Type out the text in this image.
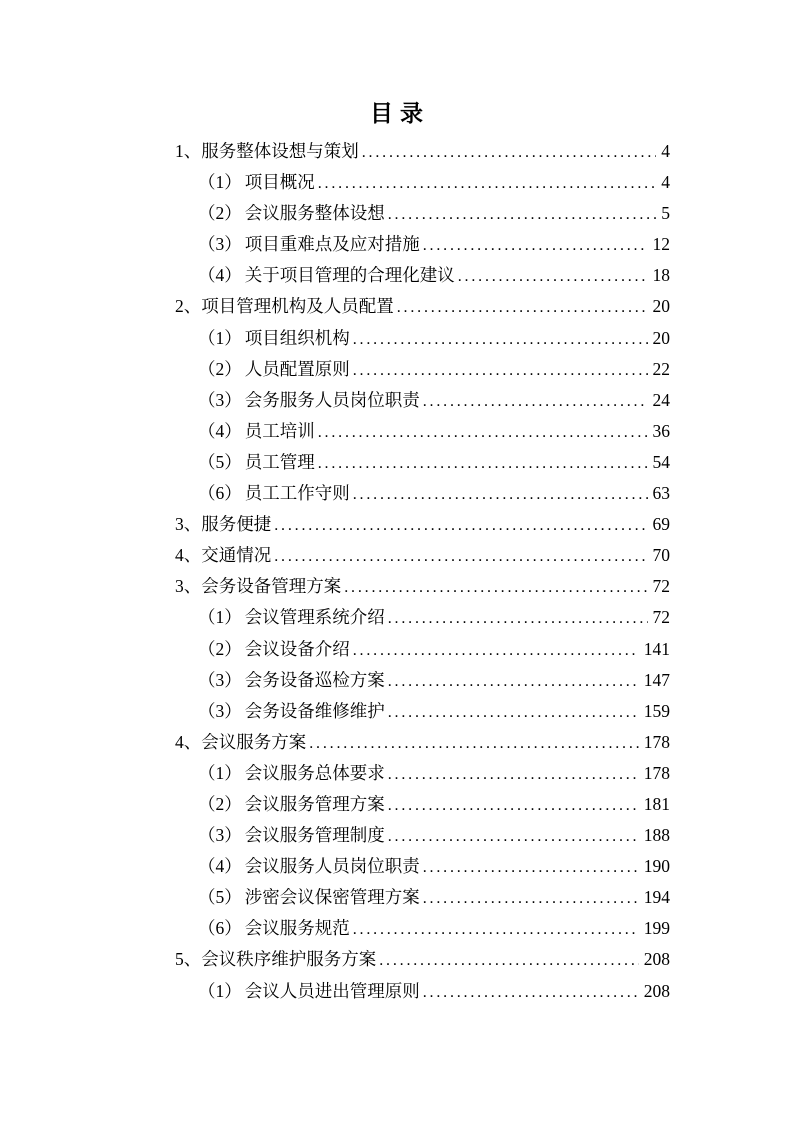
目录
1、 服务整体设想与策划 .....	4
（1） 项目概况 .....	4
（2） 会议服务整体设想 .....	5
（3） 项目重难点及应对措施 .....	12
（4） 关于项目管理的合理化建议 .....	18
2、 项目管理机构及人员配置 .....	20
（1） 项目组织机构 .....	20
（2） 人员配置原则 .....	22
（3） 会务服务人员岗位职责 .....	24
（4） 员工培训 .....	36
（5） 员工管理 .....	54
（6） 员工工作守则 .....	63
3、 服务便捷 .....	69
4、 交通情况 .....	70
3、 会务设备管理方案 .....	72
（1） 会议管理系统介绍 .....	72
（2） 会议设备介绍 .....	141
（3） 会务设备巡检方案 .....	147
（3） 会务设备维修维护 .....	159
4、 会议服务方案 .....	178
（1） 会议服务总体要求 .....	178
（2） 会议服务管理方案 .....	181
（3） 会议服务管理制度 .....	188
（4） 会议服务人员岗位职责 .....	190
（5） 涉密会议保密管理方案 .....	194
（6） 会议服务规范 .....	199
5、 会议秩序维护服务方案 .....	208
（1） 会议人员进出管理原则 .....	208
